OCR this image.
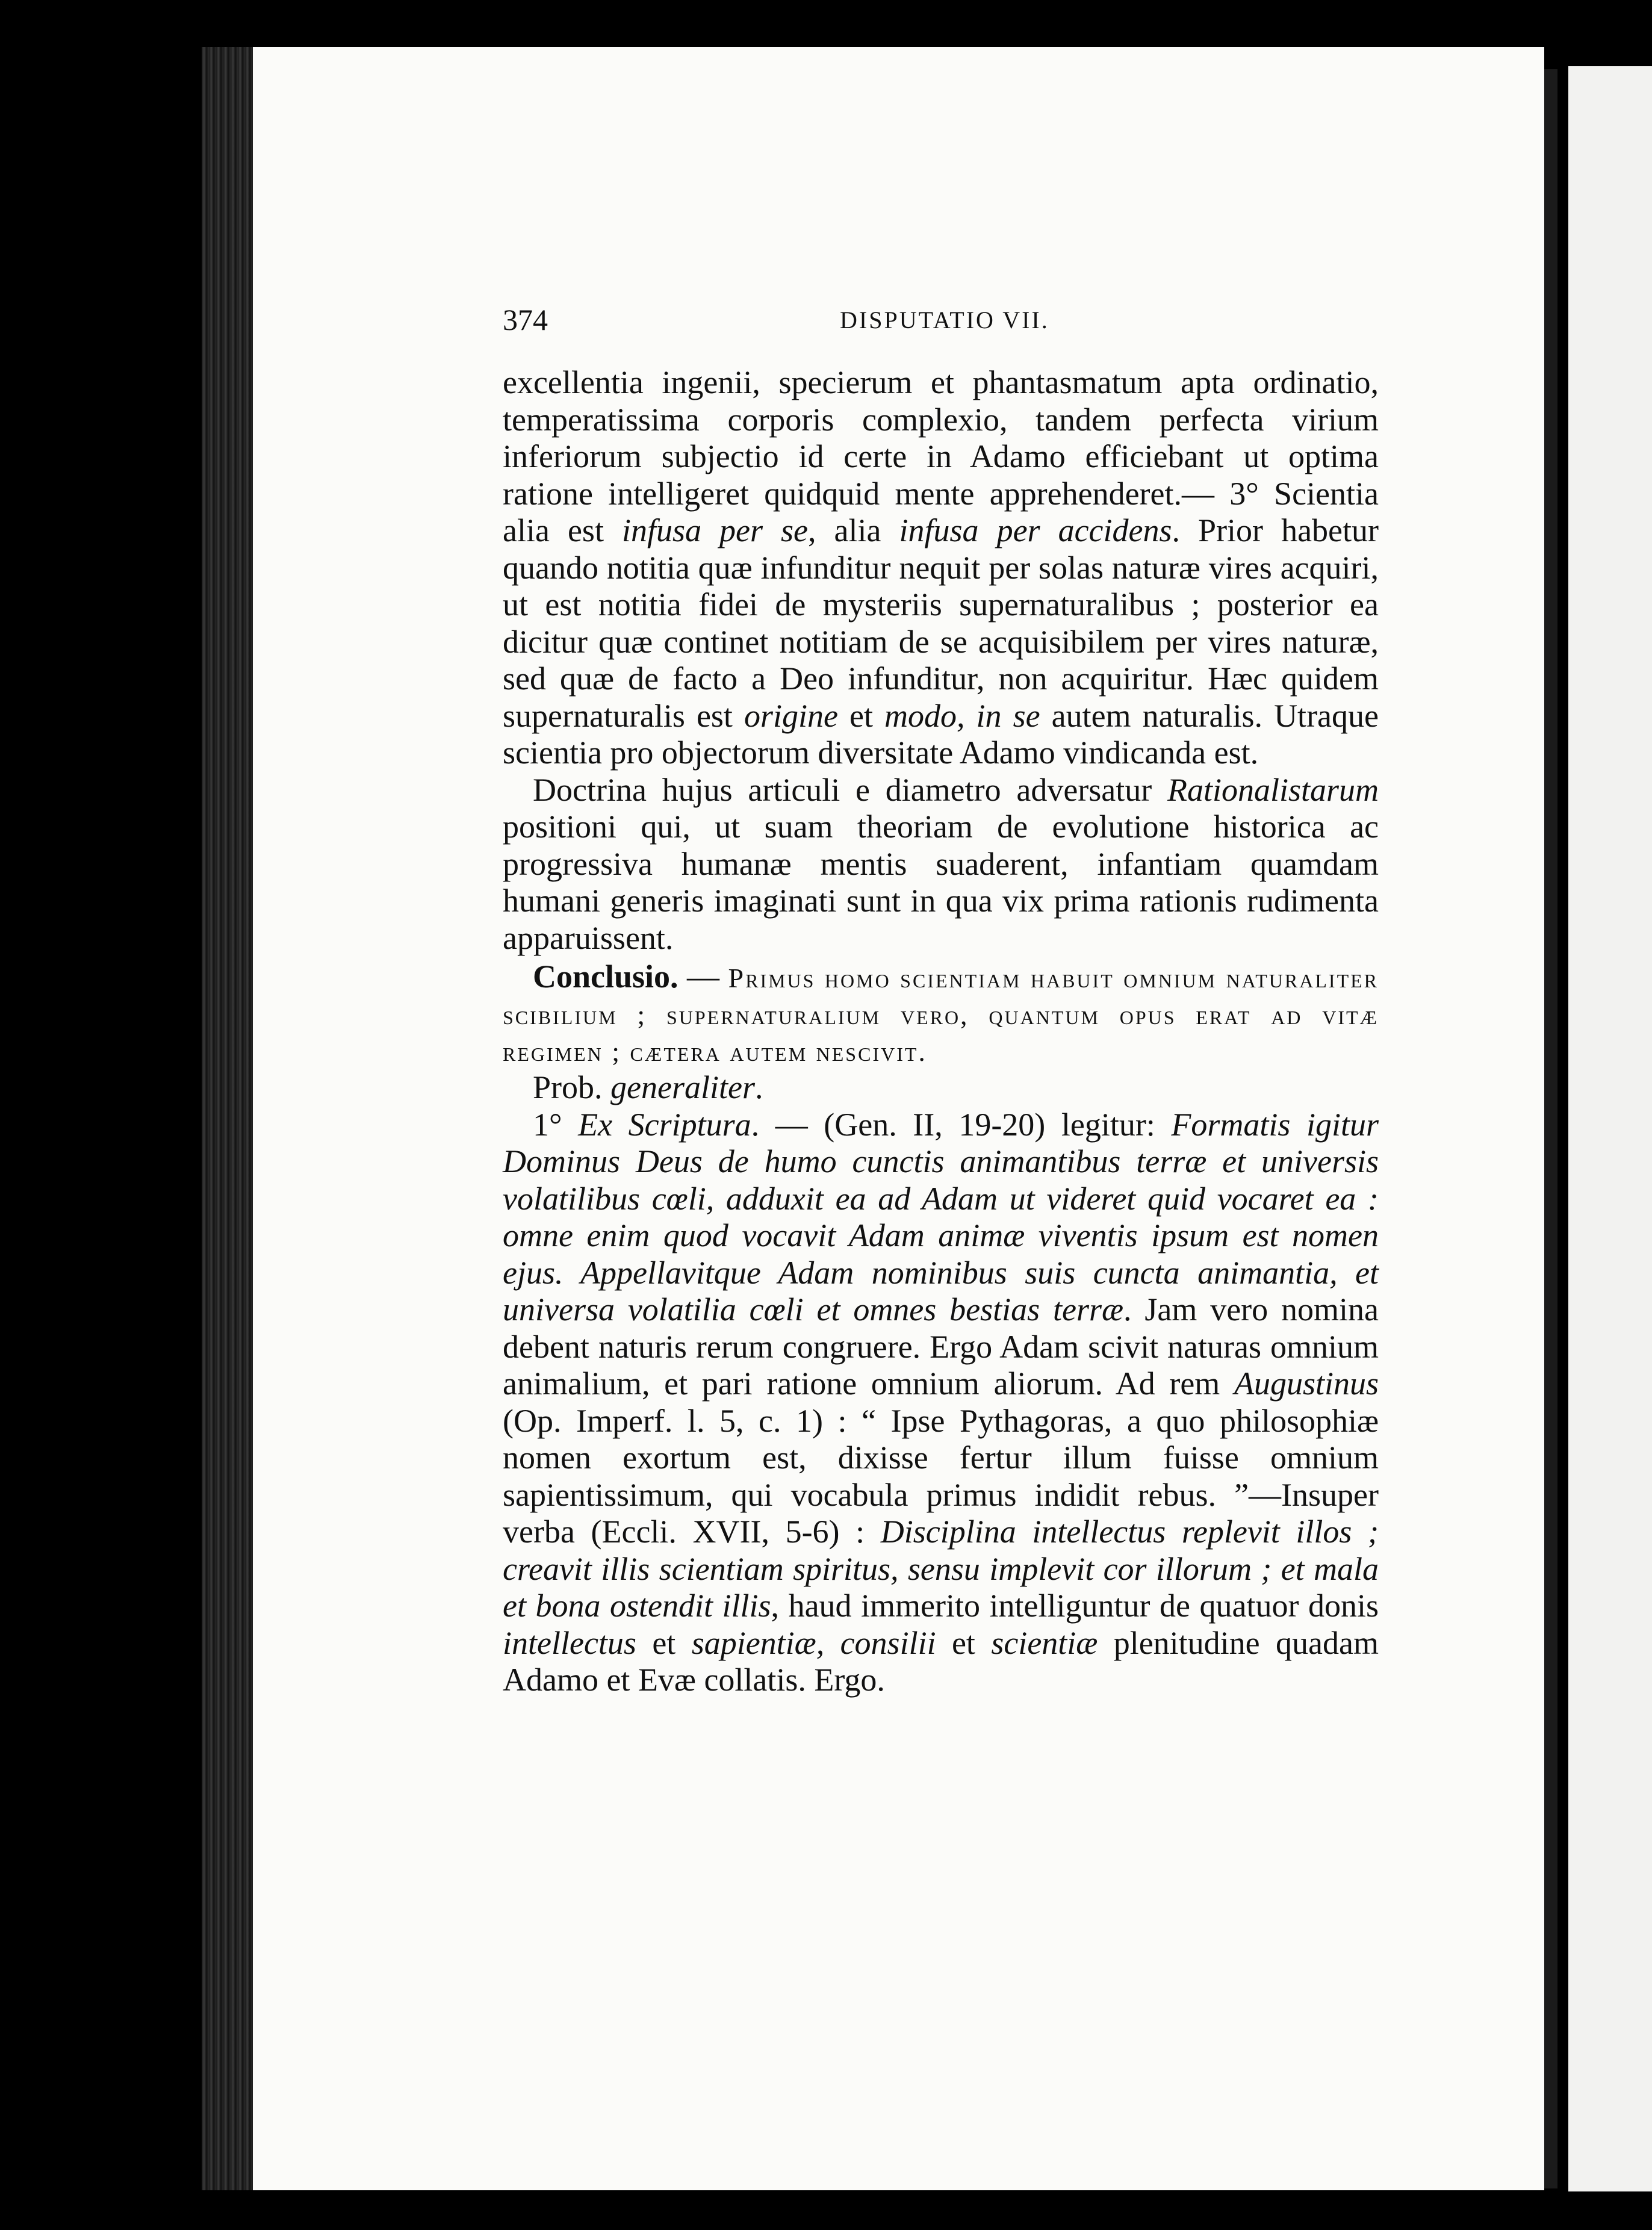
374	DISPUTATIO VII.

excellentia ingenii, specierum et phantasmatum apta ordinatio, temperatissima corporis complexio, tandem perfecta virium inferiorum subjectio id certe in Adamo efficiebant ut optima ratione intelligeret quidquid mente apprehenderet.— 3° Scientia alia est infusa per se, alia infusa per accidens. Prior habetur quando notitia quæ infunditur nequit per solas naturæ vires acquiri, ut est notitia fidei de mysteriis supernaturalibus ; posterior ea dicitur quæ continet notitiam de se acquisibilem per vires naturæ, sed quæ de facto a Deo infunditur, non acquiritur. Hæc quidem supernaturalis est origine et modo, in se autem naturalis. Utraque scientia pro objectorum diversitate Adamo vindicanda est.

Doctrina hujus articuli e diametro adversatur Rationalistarum positioni qui, ut suam theoriam de evolutione historica ac progressiva humanæ mentis suaderent, infantiam quamdam humani generis imaginati sunt in qua vix prima rationis rudimenta apparuissent.

Conclusio. — Primus homo scientiam habuit omnium naturaliter scibilium ; supernaturalium vero, quantum opus erat ad vitæ regimen ; cætera autem nescivit.

Prob. generaliter.

1° Ex Scriptura. — (Gen. II, 19-20) legitur: Formatis igitur Dominus Deus de humo cunctis animantibus terræ et universis volatilibus cœli, adduxit ea ad Adam ut videret quid vocaret ea : omne enim quod vocavit Adam animæ viventis ipsum est nomen ejus. Appellavitque Adam nominibus suis cuncta animantia, et universa volatilia cœli et omnes bestias terræ. Jam vero nomina debent naturis rerum congruere. Ergo Adam scivit naturas omnium animalium, et pari ratione omnium aliorum. Ad rem Augustinus (Op. Imperf. l. 5, c. 1) : “ Ipse Pythagoras, a quo philosophiæ nomen exortum est, dixisse fertur illum fuisse omnium sapientissimum, qui vocabula primus indidit rebus. ”—Insuper verba (Eccli. XVII, 5-6) : Disciplina intellectus replevit illos ; creavit illis scientiam spiritus, sensu implevit cor illorum ; et mala et bona ostendit illis, haud immerito intelliguntur de quatuor donis intellectus et sapientiæ, consilii et scientiæ plenitudine quadam Adamo et Evæ collatis. Ergo.
